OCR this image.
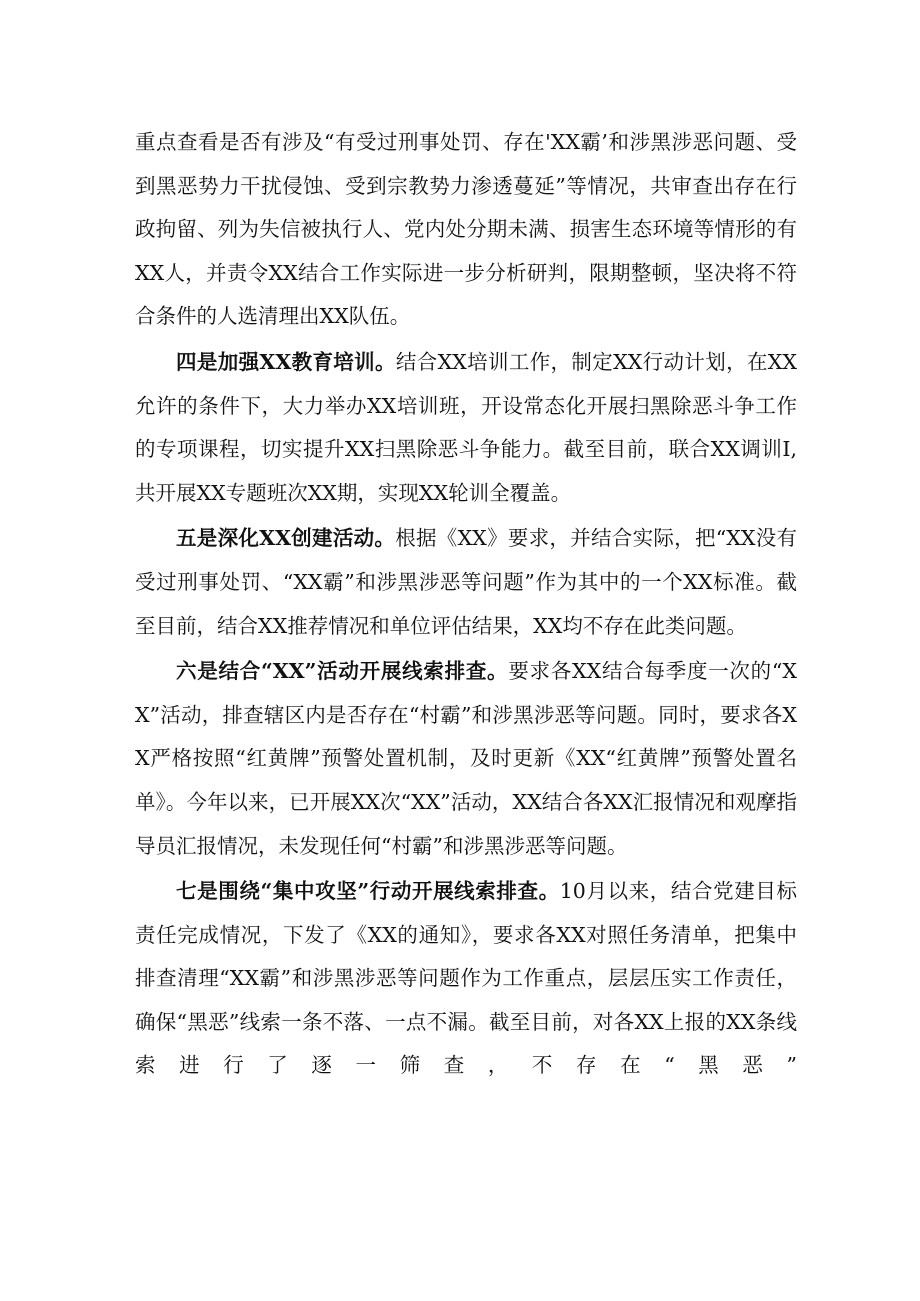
重点查看是否有涉及“有受过刑事处罚、存在'XX霸’和涉黑涉恶问题、受到黑恶势力干扰侵蚀、受到宗教势力渗透蔓延”等情况，共审查出存在行政拘留、列为失信被执行人、党内处分期未满、损害生态环境等情形的有XX人，并责令XX结合工作实际进一步分析研判，限期整顿，坚决将不符合条件的人选清理出XX队伍。

四是加强XX教育培训。结合XX培训工作，制定XX行动计划，在XX允许的条件下，大力举办XX培训班，开设常态化开展扫黑除恶斗争工作的专项课程，切实提升XX扫黑除恶斗争能力。截至目前，联合XX调训I,共开展XX专题班次XX期，实现XX轮训全覆盖。

五是深化XX创建活动。根据《XX》要求，并结合实际，把“XX没有受过刑事处罚、“XX霸”和涉黑涉恶等问题”作为其中的一个XX标准。截至目前，结合XX推荐情况和单位评估结果，XX均不存在此类问题。

六是结合“XX”活动开展线索排查。要求各XX结合每季度一次的“XX”活动，排查辖区内是否存在“村霸”和涉黑涉恶等问题。同时，要求各XX严格按照“红黄牌”预警处置机制，及时更新《XX“红黄牌”预警处置名单》。今年以来，已开展XX次“XX”活动，XX结合各XX汇报情况和观摩指导员汇报情况，未发现任何“村霸”和涉黑涉恶等问题。

七是围绕“集中攻坚”行动开展线索排查。10月以来，结合党建目标责任完成情况，下发了《XX的通知》，要求各XX对照任务清单，把集中排查清理“XX霸”和涉黑涉恶等问题作为工作重点，层层压实工作责任，确保“黑恶”线索一条不落、一点不漏。截至目前，对各XX上报的XX条线索进行了逐一筛查，不存在“黑恶”
